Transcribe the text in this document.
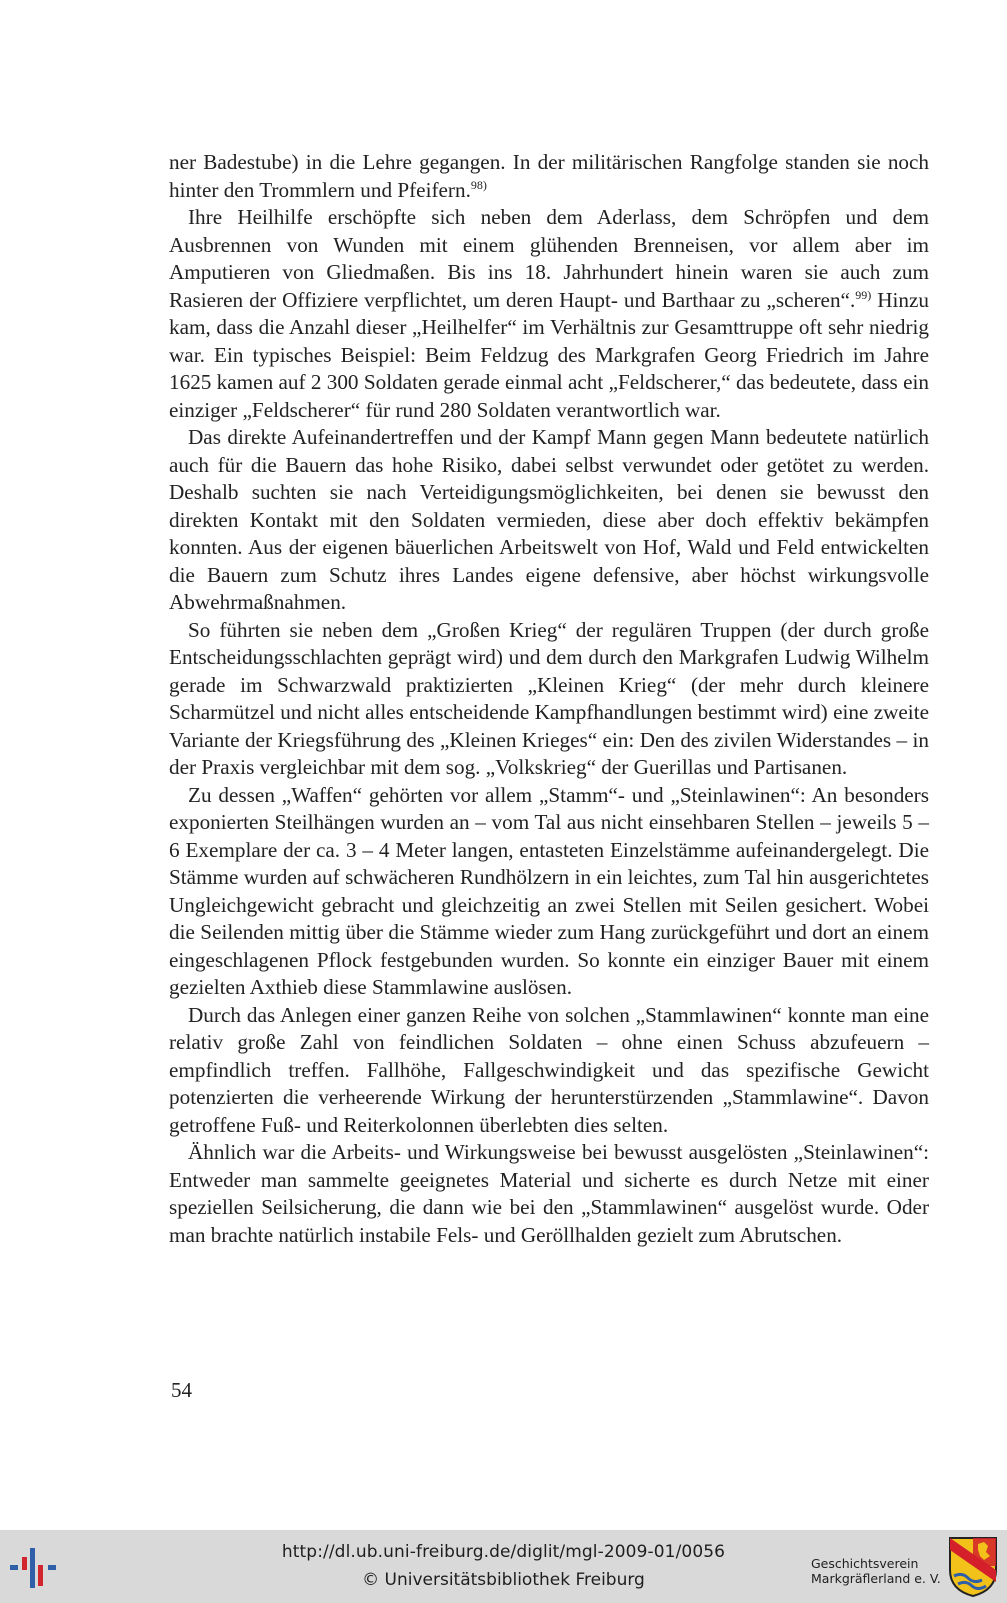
ner Badestube) in die Lehre gegangen. In der militärischen Rangfolge standen sie noch hinter den Trommlern und Pfeifern.$^{98)}$

Ihre Heilhilfe erschöpfte sich neben dem Aderlass, dem Schröpfen und dem Ausbrennen von Wunden mit einem glühenden Brenneisen, vor allem aber im Amputieren von Gliedmaßen. Bis ins 18. Jahrhundert hinein waren sie auch zum Rasieren der Offiziere verpflichtet, um deren Haupt- und Barthaar zu „scheren“.$^{99)}$ Hinzu kam, dass die Anzahl dieser „Heilhelfer“ im Verhältnis zur Gesamttruppe oft sehr niedrig war. Ein typisches Beispiel: Beim Feldzug des Markgrafen Georg Friedrich im Jahre 1625 kamen auf 2 300 Soldaten gerade einmal acht „Feldscherer,“ das bedeutete, dass ein einziger „Feldscherer“ für rund 280 Soldaten verantwortlich war.

Das direkte Aufeinandertreffen und der Kampf Mann gegen Mann bedeutete natürlich auch für die Bauern das hohe Risiko, dabei selbst verwundet oder getötet zu werden. Deshalb suchten sie nach Verteidigungsmöglichkeiten, bei denen sie bewusst den direkten Kontakt mit den Soldaten vermieden, diese aber doch effektiv bekämpfen konnten. Aus der eigenen bäuerlichen Arbeitswelt von Hof, Wald und Feld entwickelten die Bauern zum Schutz ihres Landes eigene defensive, aber höchst wirkungsvolle Abwehrmaßnahmen.

So führten sie neben dem „Großen Krieg“ der regulären Truppen (der durch große Entscheidungsschlachten geprägt wird) und dem durch den Markgrafen Ludwig Wilhelm gerade im Schwarzwald praktizierten „Kleinen Krieg“ (der mehr durch kleinere Scharmützel und nicht alles entscheidende Kampfhandlungen bestimmt wird) eine zweite Variante der Kriegsführung des „Kleinen Krieges“ ein: Den des zivilen Widerstandes – in der Praxis vergleichbar mit dem sog. „Volkskrieg“ der Guerillas und Partisanen.

Zu dessen „Waffen“ gehörten vor allem „Stamm“- und „Steinlawinen“: An besonders exponierten Steilhängen wurden an – vom Tal aus nicht einsehbaren Stellen – jeweils 5 – 6 Exemplare der ca. 3 – 4 Meter langen, entasteten Einzelstämme aufeinandergelegt. Die Stämme wurden auf schwächeren Rundhölzern in ein leichtes, zum Tal hin ausgerichtetes Ungleichgewicht gebracht und gleichzeitig an zwei Stellen mit Seilen gesichert. Wobei die Seilenden mittig über die Stämme wieder zum Hang zurückgeführt und dort an einem eingeschlagenen Pflock festgebunden wurden. So konnte ein einziger Bauer mit einem gezielten Axthieb diese Stammlawine auslösen.

Durch das Anlegen einer ganzen Reihe von solchen „Stammlawinen“ konnte man eine relativ große Zahl von feindlichen Soldaten – ohne einen Schuss abzufeuern – empfindlich treffen. Fallhöhe, Fallgeschwindigkeit und das spezifische Gewicht potenzierten die verheerende Wirkung der herunterstürzenden „Stammlawine“. Davon getroffene Fuß- und Reiterkolonnen überlebten dies selten.

Ähnlich war die Arbeits- und Wirkungsweise bei bewusst ausgelösten „Steinlawinen“: Entweder man sammelte geeignetes Material und sicherte es durch Netze mit einer speziellen Seilsicherung, die dann wie bei den „Stammlawinen“ ausgelöst wurde. Oder man brachte natürlich instabile Fels- und Geröllhalden gezielt zum Abrutschen.

54
http://dl.ub.uni-freiburg.de/diglit/mgl-2009-01/0056
© Universitätsbibliothek Freiburg
Geschichtsverein
Markgräflerland e. V.
